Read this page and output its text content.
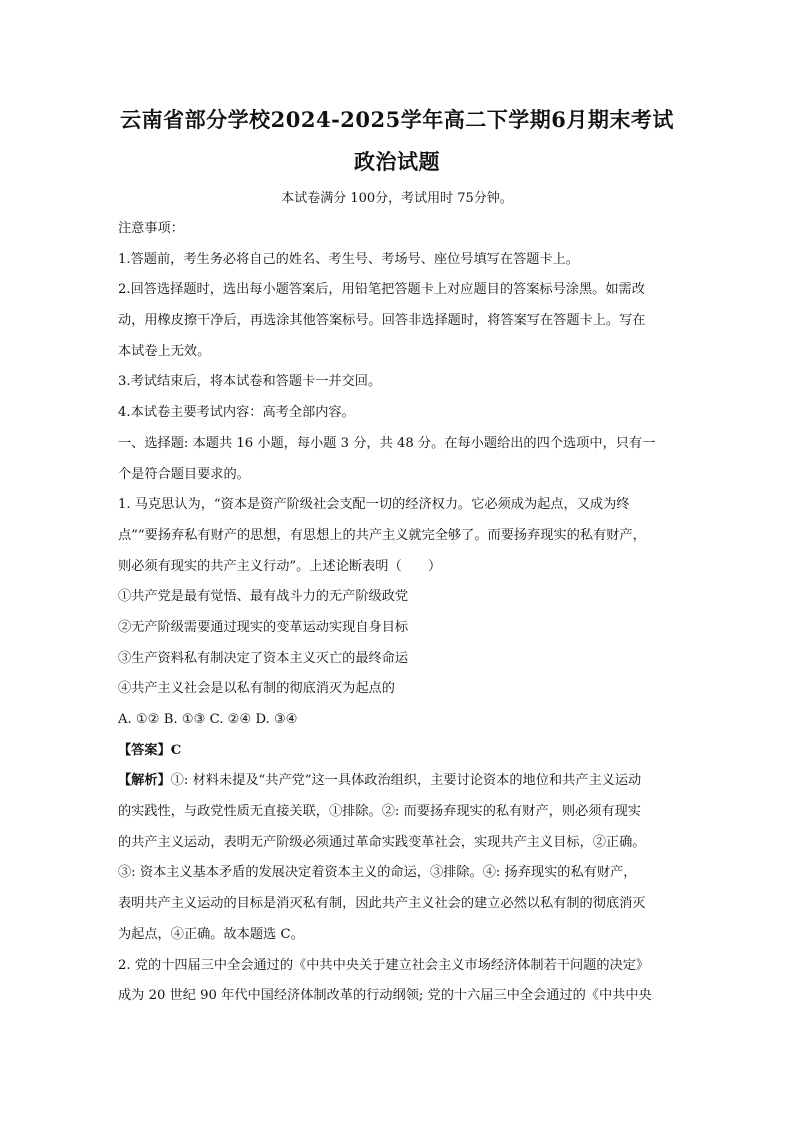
云南省部分学校2024-2025学年高二下学期6月期末考试
政治试题
本试卷满分 100分，考试用时 75分钟。
注意事项：
1.答题前，考生务必将自己的姓名、考生号、考场号、座位号填写在答题卡上。
2.回答选择题时，选出每小题答案后，用铅笔把答题卡上对应题目的答案标号涂黑。如需改
动，用橡皮擦干净后，再选涂其他答案标号。回答非选择题时，将答案写在答题卡上。写在
本试卷上无效。
3.考试结束后，将本试卷和答题卡一并交回。
4.本试卷主要考试内容：高考全部内容。
一、选择题: 本题共 16 小题，每小题 3 分，共 48 分。在每小题给出的四个选项中，只有一
个是符合题目要求的。
1. 马克思认为，“资本是资产阶级社会支配一切的经济权力。它必须成为起点，又成为终
点”“要扬弃私有财产的思想，有思想上的共产主义就完全够了。而要扬弃现实的私有财产，
则必须有现实的共产主义行动”。上述论断表明（　　）
①共产党是最有觉悟、最有战斗力的无产阶级政党
②无产阶级需要通过现实的变革运动实现自身目标
③生产资料私有制决定了资本主义灭亡的最终命运
④共产主义社会是以私有制的彻底消灭为起点的
A. ①② B. ①③ C. ②④ D. ③④
【答案】C
【解析】①: 材料未提及“共产党”这一具体政治组织，主要讨论资本的地位和共产主义运动
的实践性，与政党性质无直接关联，①排除。②: 而要扬弃现实的私有财产，则必须有现实
的共产主义运动，表明无产阶级必须通过革命实践变革社会，实现共产主义目标，②正确。
③: 资本主义基本矛盾的发展决定着资本主义的命运，③排除。④: 扬弃现实的私有财产，
表明共产主义运动的目标是消灭私有制，因此共产主义社会的建立必然以私有制的彻底消灭
为起点，④正确。故本题选 C。
2. 党的十四届三中全会通过的《中共中央关于建立社会主义市场经济体制若干问题的决定》
成为 20 世纪 90 年代中国经济体制改革的行动纲领; 党的十六届三中全会通过的《中共中央
